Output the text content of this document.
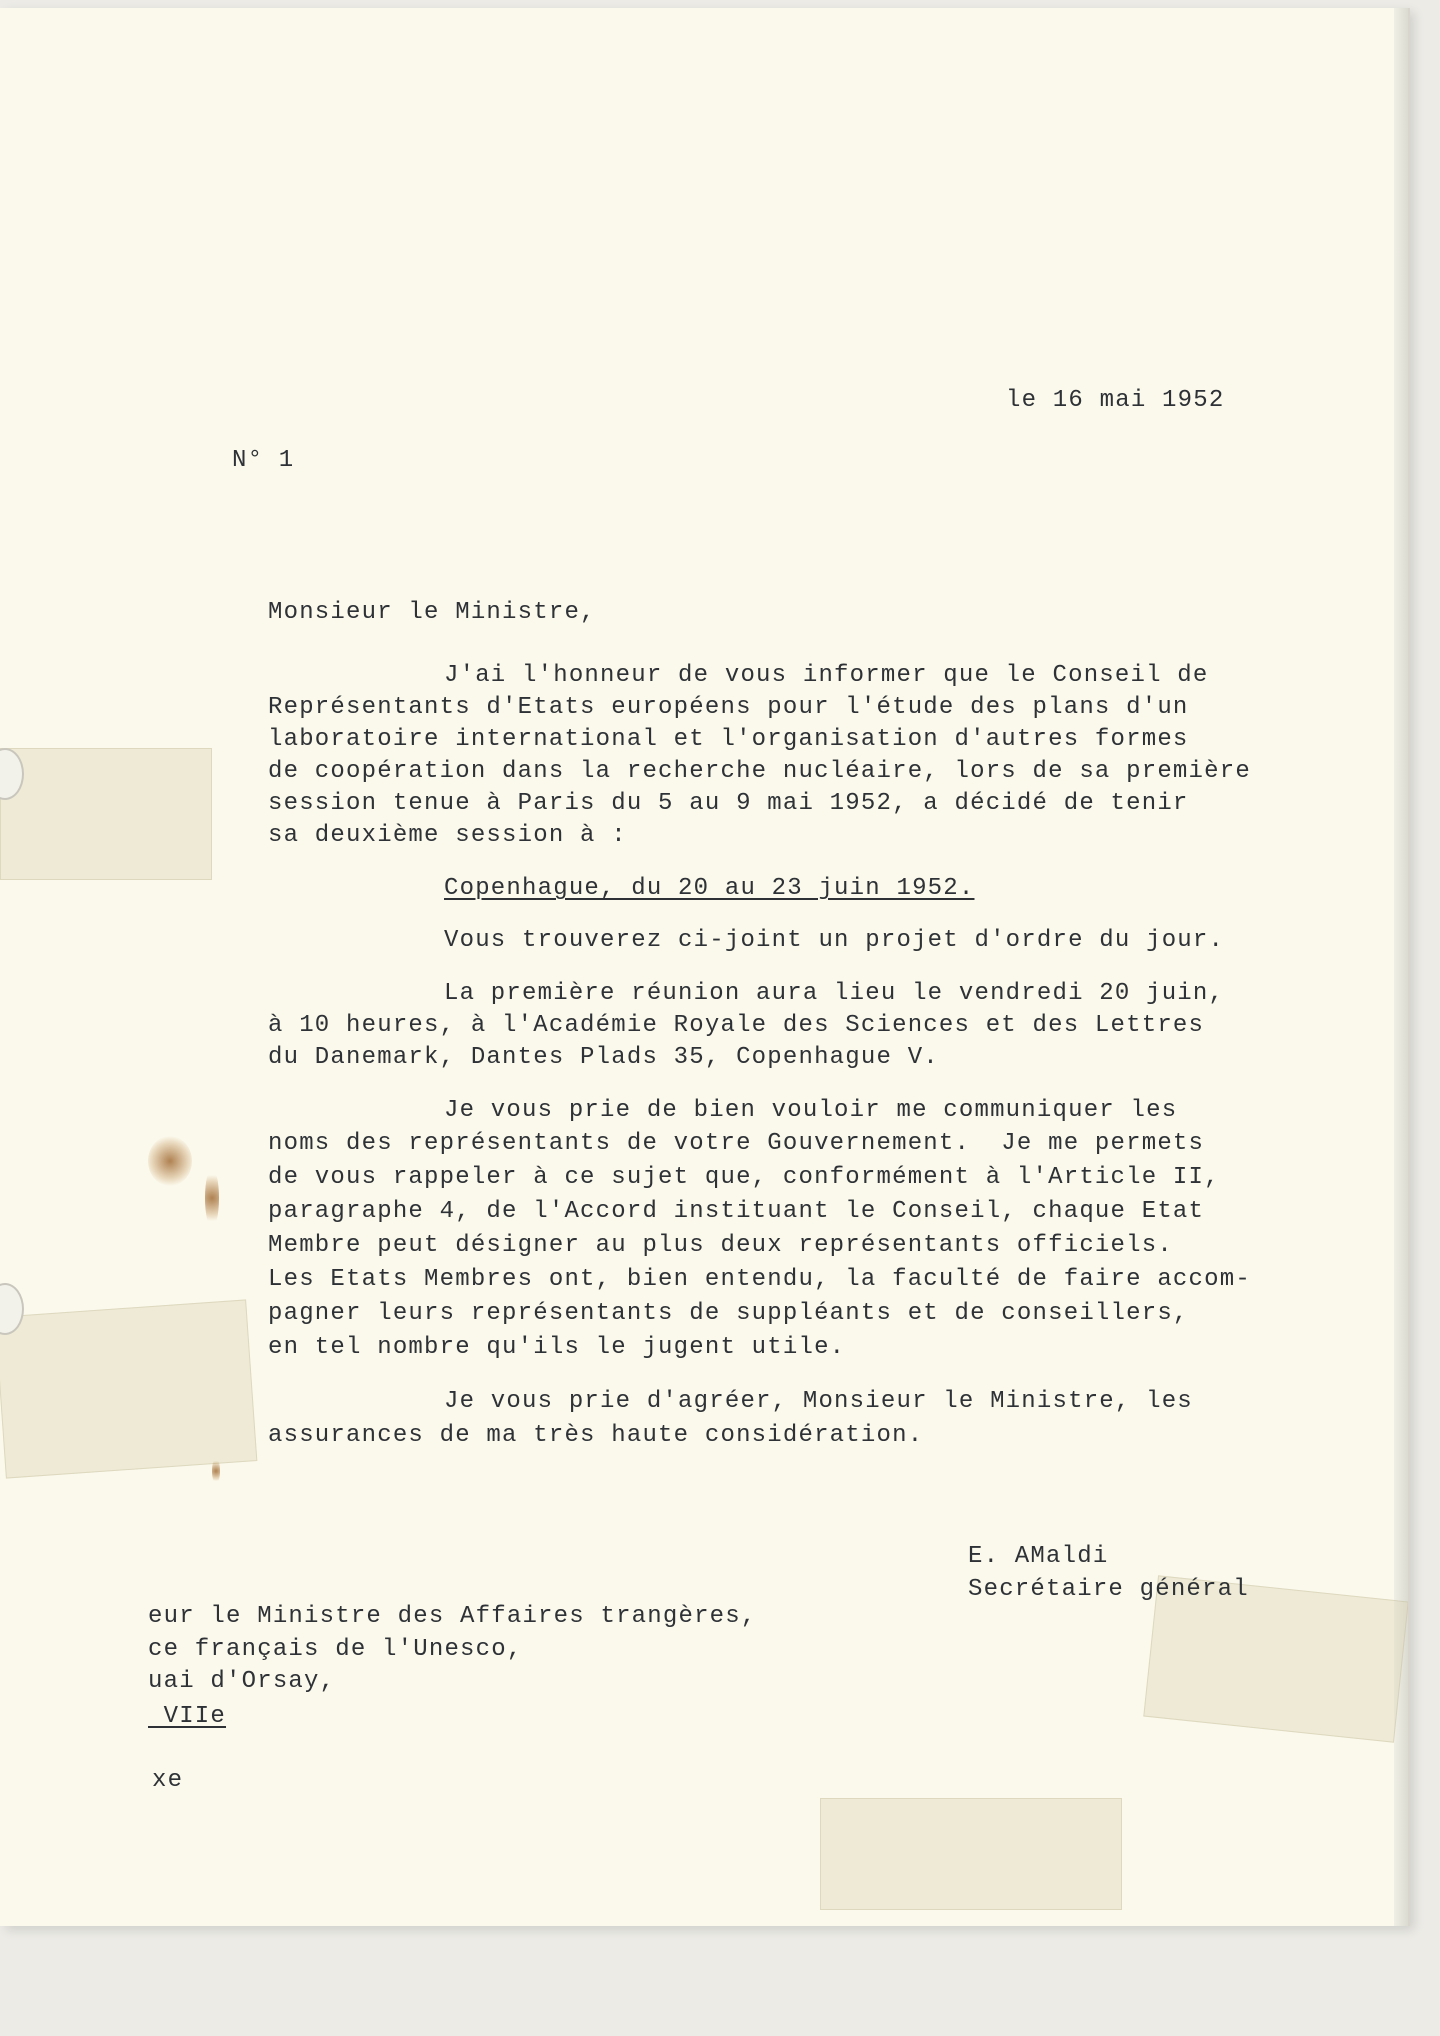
le 16 mai 1952

N° 1

Monsieur le Ministre,

J'ai l'honneur de vous informer que le Conseil de

Représentants d'Etats européens pour l'étude des plans d'un

laboratoire international et l'organisation d'autres formes

de coopération dans la recherche nucléaire, lors de sa première

session tenue à Paris du 5 au 9 mai 1952, a décidé de tenir

sa deuxième session à :

Copenhague, du 20 au 23 juin 1952.

Vous trouverez ci-joint un projet d'ordre du jour.

La première réunion aura lieu le vendredi 20 juin,

à 10 heures, à l'Académie Royale des Sciences et des Lettres

du Danemark, Dantes Plads 35, Copenhague V.

Je vous prie de bien vouloir me communiquer les

noms des représentants de votre Gouvernement.  Je me permets

de vous rappeler à ce sujet que, conformément à l'Article II,

paragraphe 4, de l'Accord instituant le Conseil, chaque Etat

Membre peut désigner au plus deux représentants officiels.

Les Etats Membres ont, bien entendu, la faculté de faire accom-

pagner leurs représentants de suppléants et de conseillers,

en tel nombre qu'ils le jugent utile.

Je vous prie d'agréer, Monsieur le Ministre, les

assurances de ma très haute considération.

E. AMaldi

Secrétaire général

eur le Ministre des Affaires trangères,

ce français de l'Unesco,

uai d'Orsay,

VIIe

xe
